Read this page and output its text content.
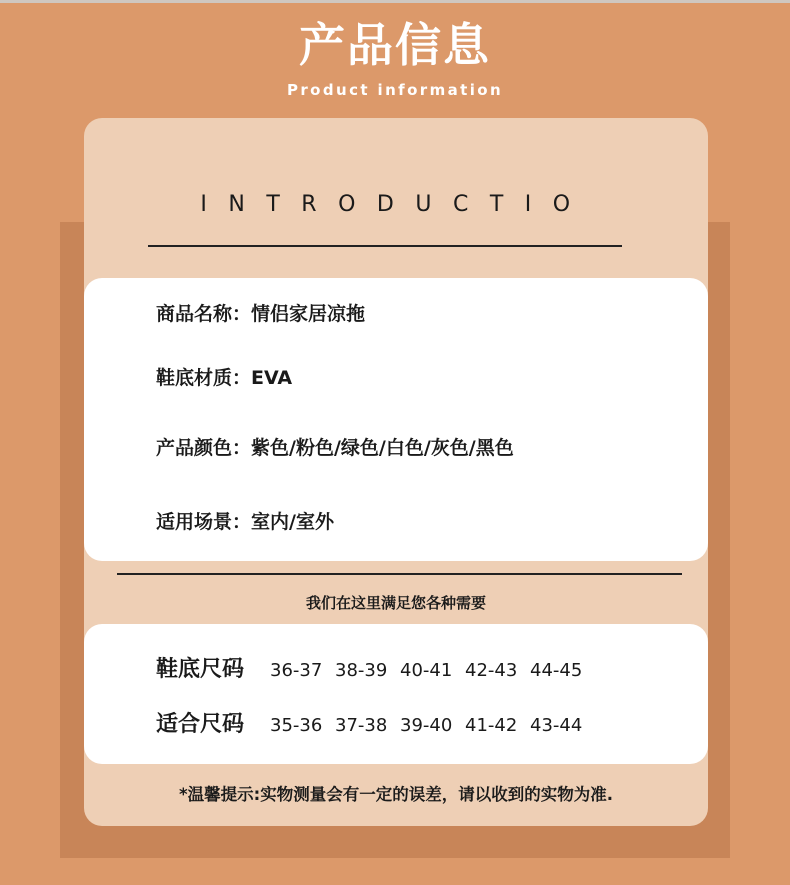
产品信息
Product information
INTRODUCTIO
商品名称：情侣家居凉拖
鞋底材质：EVA
产品颜色：紫色/粉色/绿色/白色/灰色/黑色
适用场景：室内/室外
我们在这里满足您各种需要
鞋底尺码 36-37 38-39 40-41 42-43 44-45
适合尺码 35-36 37-38 39-40 41-42 43-44
*温馨提示:实物测量会有一定的误差，请以收到的实物为准.
